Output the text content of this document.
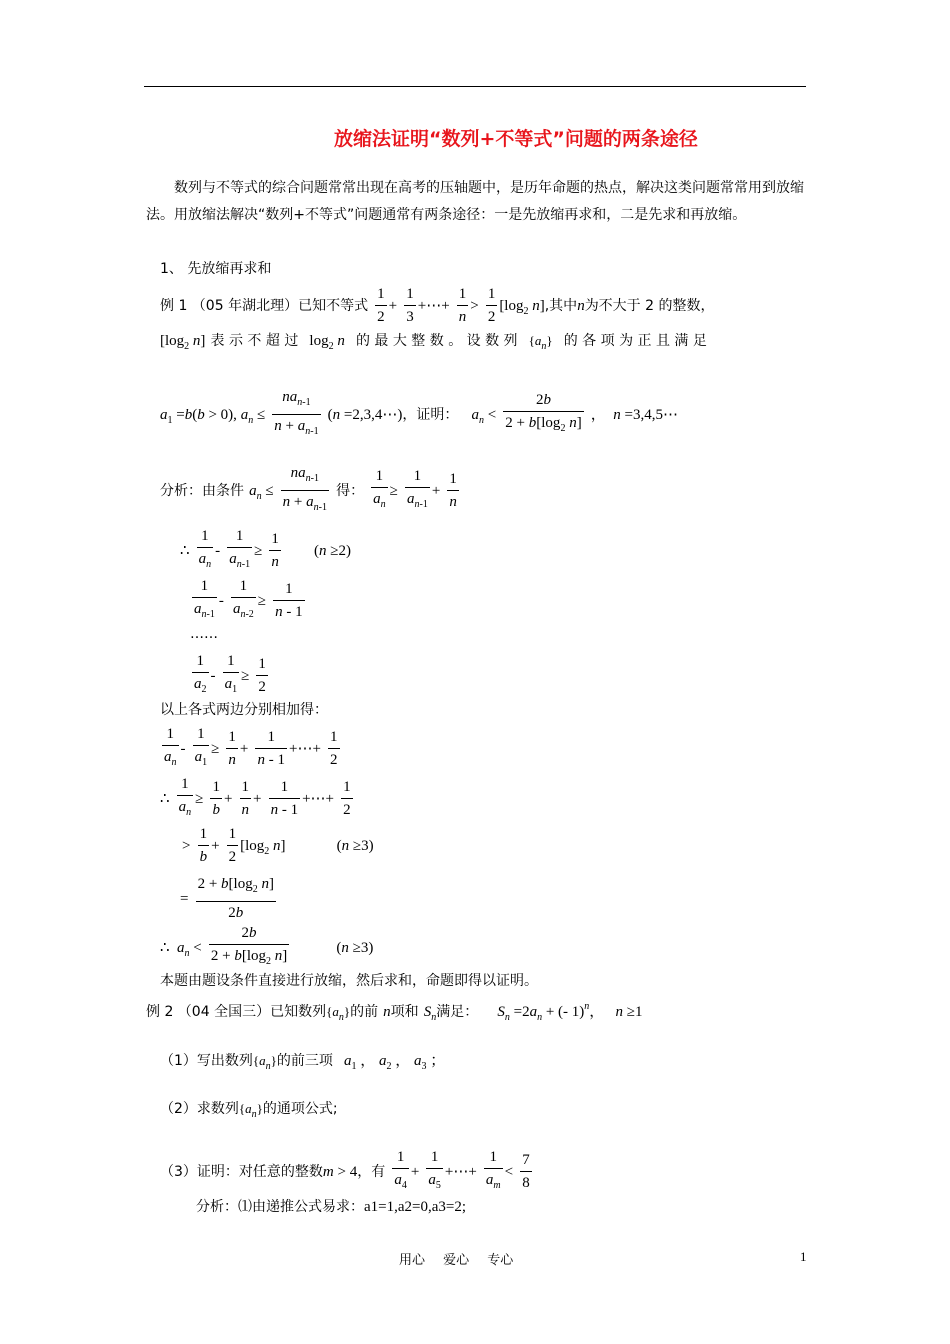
放缩法证明“数列+不等式”问题的两条途径
数列与不等式的综合问题常常出现在高考的压轴题中，是历年命题的热点，解决这类问题常常用到放缩法。用放缩法解决“数列+不等式”问题通常有两条途径：一是先放缩再求和，二是先求和再放缩。
1、 先放缩再求和
例 1 （05 年湖北理）已知不等式 $\frac{1}{2} + \frac{1}{3}$ +⋯+ $\frac{1}{n} > \frac{1}{2} [\log_2$ n],其中n为不大于 2 的整数，
[$\log_2$ n] 表 示 不 超 过 $\log_2 n$ 的 最 大 整 数 。 设 数 列 $\{a_n\}$ 的 各 项 为 正 且 满 足
$a_1 =b(b > 0)$, $a_n \le \frac{na_{n-1}}{n + a_{n-1}} (n$ =2,3,4⋯)，证明： $a_n < \frac{2b}{2 + b[\log_2 n]}$ ，  n =3,4,5⋯
分析：由条件 $a_n \le \frac{na_{n-1}}{n + a_{n-1}}$ 得： $\frac{1}{a_n} \ge \frac{1}{a_{n-1}} + \frac{1}{n}$
∴ $\frac{1}{a_n} - \frac{1}{a_{n-1}} \ge \frac{1}{n} (n \ge 2)$
$\frac{1}{a_{n-1}} - \frac{1}{a_{n-2}} \ge \frac{1}{n - 1}$
……
$\frac{1}{a_2} - \frac{1}{a_1} \ge \frac{1}{2}$
以上各式两边分别相加得：
$\frac{1}{a_n} - \frac{1}{a_1} \ge \frac{1}{n} + \frac{1}{n - 1}$ +⋯+ $\frac{1}{2}$
∴ $\frac{1}{a_n} \ge \frac{1}{b} + \frac{1}{n} + \frac{1}{n - 1}$ +⋯+ $\frac{1}{2}$
> $\frac{1}{b} + \frac{1}{2} [\log_2$ n]	(n ≥3)
= $\frac{2 + b[\log_2 n]}{2b}$
∴  $a_n < \frac{2b}{2 + b[\log_2 n]}$	(n ≥3)
本题由题设条件直接进行放缩，然后求和，命题即得以证明。
例 2 （04 全国三）已知数列$\{a_n\}$的前 n项和 $S_n$满足： $S_n =2a_n$ + (- 1)$^n$，   n ≥1
（1）写出数列$\{a_n\}$的前三项 $a_1$ ， $a_2$ ， $a_3$ ；
（2）求数列$\{a_n\}$的通项公式;
（3）证明：对任意的整数m > 4，有 $\frac{1}{a_4} + \frac{1}{a_5}$ +⋯+ $\frac{1}{a_m} < \frac{7}{8}$
分析：⑴由递推公式易求：a1=1,a2=0,a3=2;
用心 爱心 专心	1
